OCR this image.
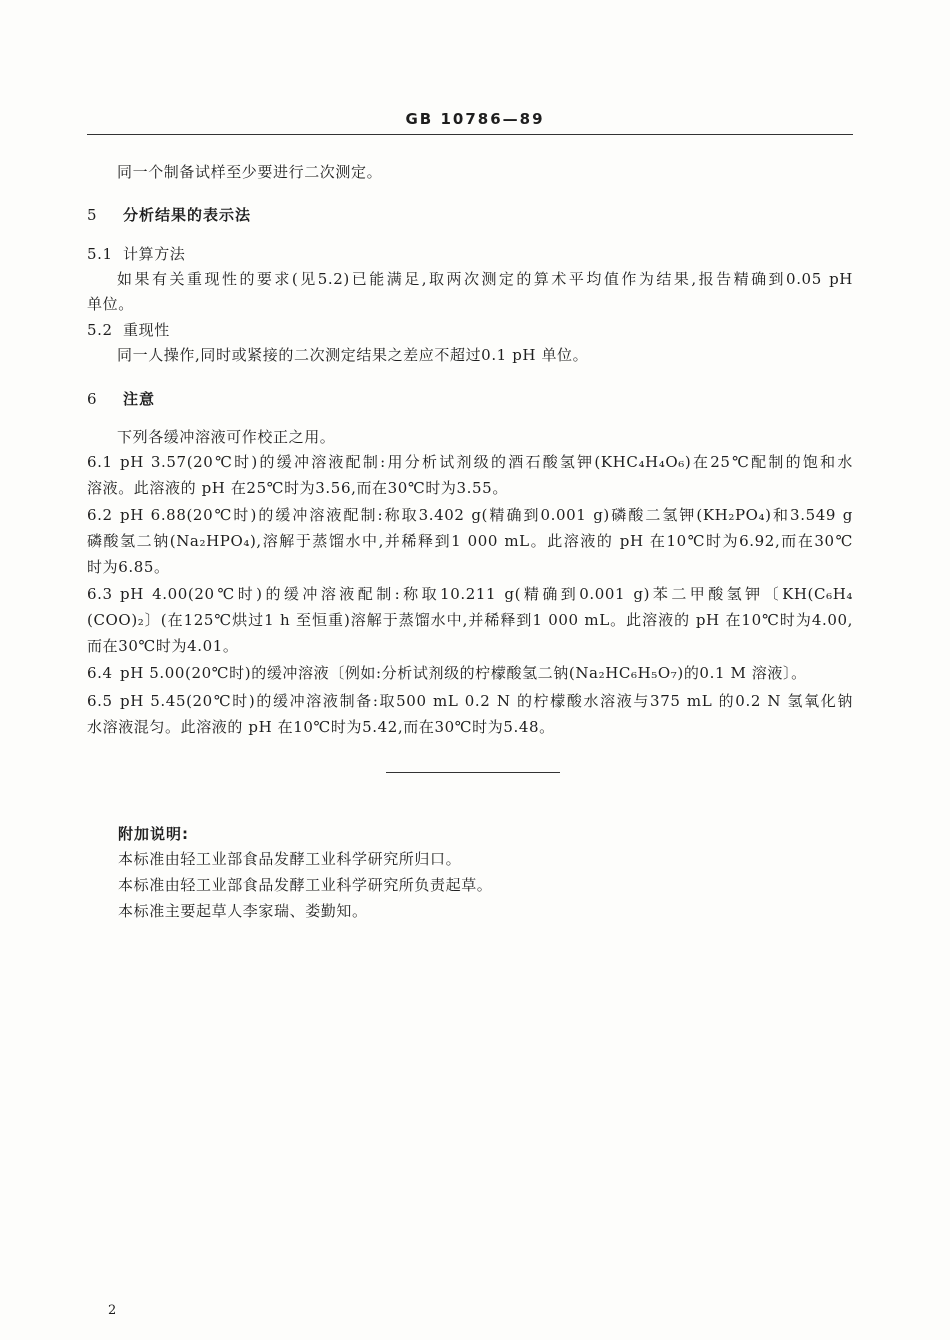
GB 10786—89
同一个制备试样至少要进行二次测定。
5 分析结果的表示法
5.1 计算方法
如果有关重现性的要求(见5.2)已能满足,取两次测定的算术平均值作为结果,报告精确到0.05 pH
单位。
5.2 重现性
同一人操作,同时或紧接的二次测定结果之差应不超过0.1 pH 单位。
6 注意
下列各缓冲溶液可作校正之用。
6.1 pH 3.57(20℃时)的缓冲溶液配制:用分析试剂级的酒石酸氢钾(KHC₄H₄O₆)在25℃配制的饱和水
溶液。此溶液的 pH 在25℃时为3.56,而在30℃时为3.55。
6.2 pH 6.88(20℃时)的缓冲溶液配制:称取3.402 g(精确到0.001 g)磷酸二氢钾(KH₂PO₄)和3.549 g
磷酸氢二钠(Na₂HPO₄),溶解于蒸馏水中,并稀释到1 000 mL。此溶液的 pH 在10℃时为6.92,而在30℃
时为6.85。
6.3 pH 4.00(20℃时)的缓冲溶液配制:称取10.211 g(精确到0.001 g)苯二甲酸氢钾〔KH(C₆H₄
(COO)₂〕(在125℃烘过1 h 至恒重)溶解于蒸馏水中,并稀释到1 000 mL。此溶液的 pH 在10℃时为4.00,
而在30℃时为4.01。
6.4 pH 5.00(20℃时)的缓冲溶液〔例如:分析试剂级的柠檬酸氢二钠(Na₂HC₆H₅O₇)的0.1 M 溶液〕。
6.5 pH 5.45(20℃时)的缓冲溶液制备:取500 mL 0.2 N 的柠檬酸水溶液与375 mL 的0.2 N 氢氧化钠
水溶液混匀。此溶液的 pH 在10℃时为5.42,而在30℃时为5.48。
附加说明:
本标准由轻工业部食品发酵工业科学研究所归口。
本标准由轻工业部食品发酵工业科学研究所负责起草。
本标准主要起草人李家瑞、娄勤知。
2
